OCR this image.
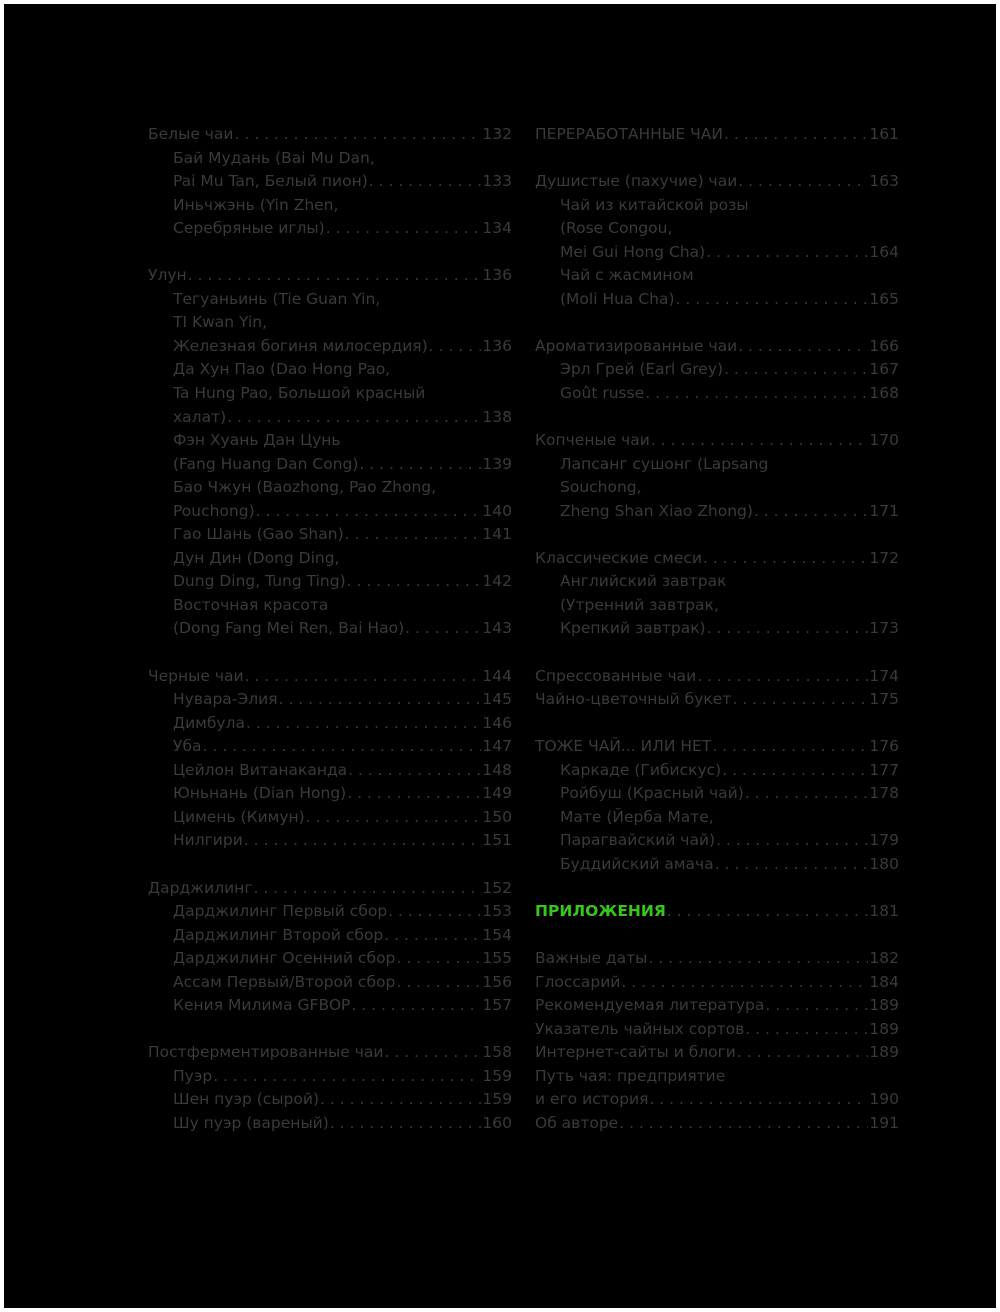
Белые чаи . . .	132
Бай Мудань (Bai Mu Dan,
Pai Mu Tan, Белый пион) . . .	133
Иньчжэнь (Yin Zhen,
Серебряные иглы) . . .	134
Улун . . .	136
Тегуаньинь (Tie Guan Yin,
TI Kwan Yin,
Железная богиня милосердия) . . .	136
Да Хун Пао (Dao Hong Pao,
Ta Hung Pao, Большой красный
халат) . . .	138
Фэн Хуань Дан Цунь
(Fang Huang Dan Cong) . . .	139
Бао Чжун (Baozhong, Pao Zhong,
Pouchong) . . .	140
Гао Шань (Gao Shan) . . .	141
Дун Дин (Dong Ding,
Dung Ding, Tung Ting) . . .	142
Восточная красота
(Dong Fang Mei Ren, Bai Hao) . . .	143
Черные чаи . . .	144
Нувара-Элия . . .	145
Димбула . . .	146
Уба . . .	147
Цейлон Витанаканда . . .	148
Юньнань (Dian Hong) . . .	149
Цимень (Кимун) . . .	150
Нилгири . . .	151
Дарджилинг . . .	152
Дарджилинг Первый сбор . . .	153
Дарджилинг Второй сбор . . .	154
Дарджилинг Осенний сбор . . .	155
Ассам Первый/Второй сбор . . .	156
Кения Милима GFBOP . . .	157
Постферментированные чаи . . .	158
Пуэр . . .	159
Шен пуэр (сырой) . . .	159
Шу пуэр (вареный) . . .	160
ПЕРЕРАБОТАННЫЕ ЧАИ . . .	161
Душистые (пахучие) чаи . . .	163
Чай из китайской розы
(Rose Congou,
Mei Gui Hong Cha) . . .	164
Чай с жасмином
(Moli Hua Cha) . . .	165
Ароматизированные чаи . . .	166
Эрл Грей (Earl Grey) . . .	167
Goût russe . . .	168
Копченые чаи . . .	170
Лапсанг сушонг (Lapsang
Souchong,
Zheng Shan Xiao Zhong) . . .	171
Классические смеси . . .	172
Английский завтрак
(Утренний завтрак,
Крепкий завтрак) . . .	173
Спрессованные чаи . . .	174
Чайно-цветочный букет . . .	175
ТОЖЕ ЧАЙ... ИЛИ НЕТ . . .	176
Каркаде (Гибискус) . . .	177
Ройбуш (Красный чай) . . .	178
Мате (Йерба Мате,
Парагвайский чай) . . .	179
Буддийский амача . . .	180
ПРИЛОЖЕНИЯ . . .	181
Важные даты . . .	182
Глоссарий . . .	184
Рекомендуемая литература . . .	189
Указатель чайных сортов . . .	189
Интернет-сайты и блоги . . .	189
Путь чая: предприятие
и его история . . .	190
Об авторе . . .	191
